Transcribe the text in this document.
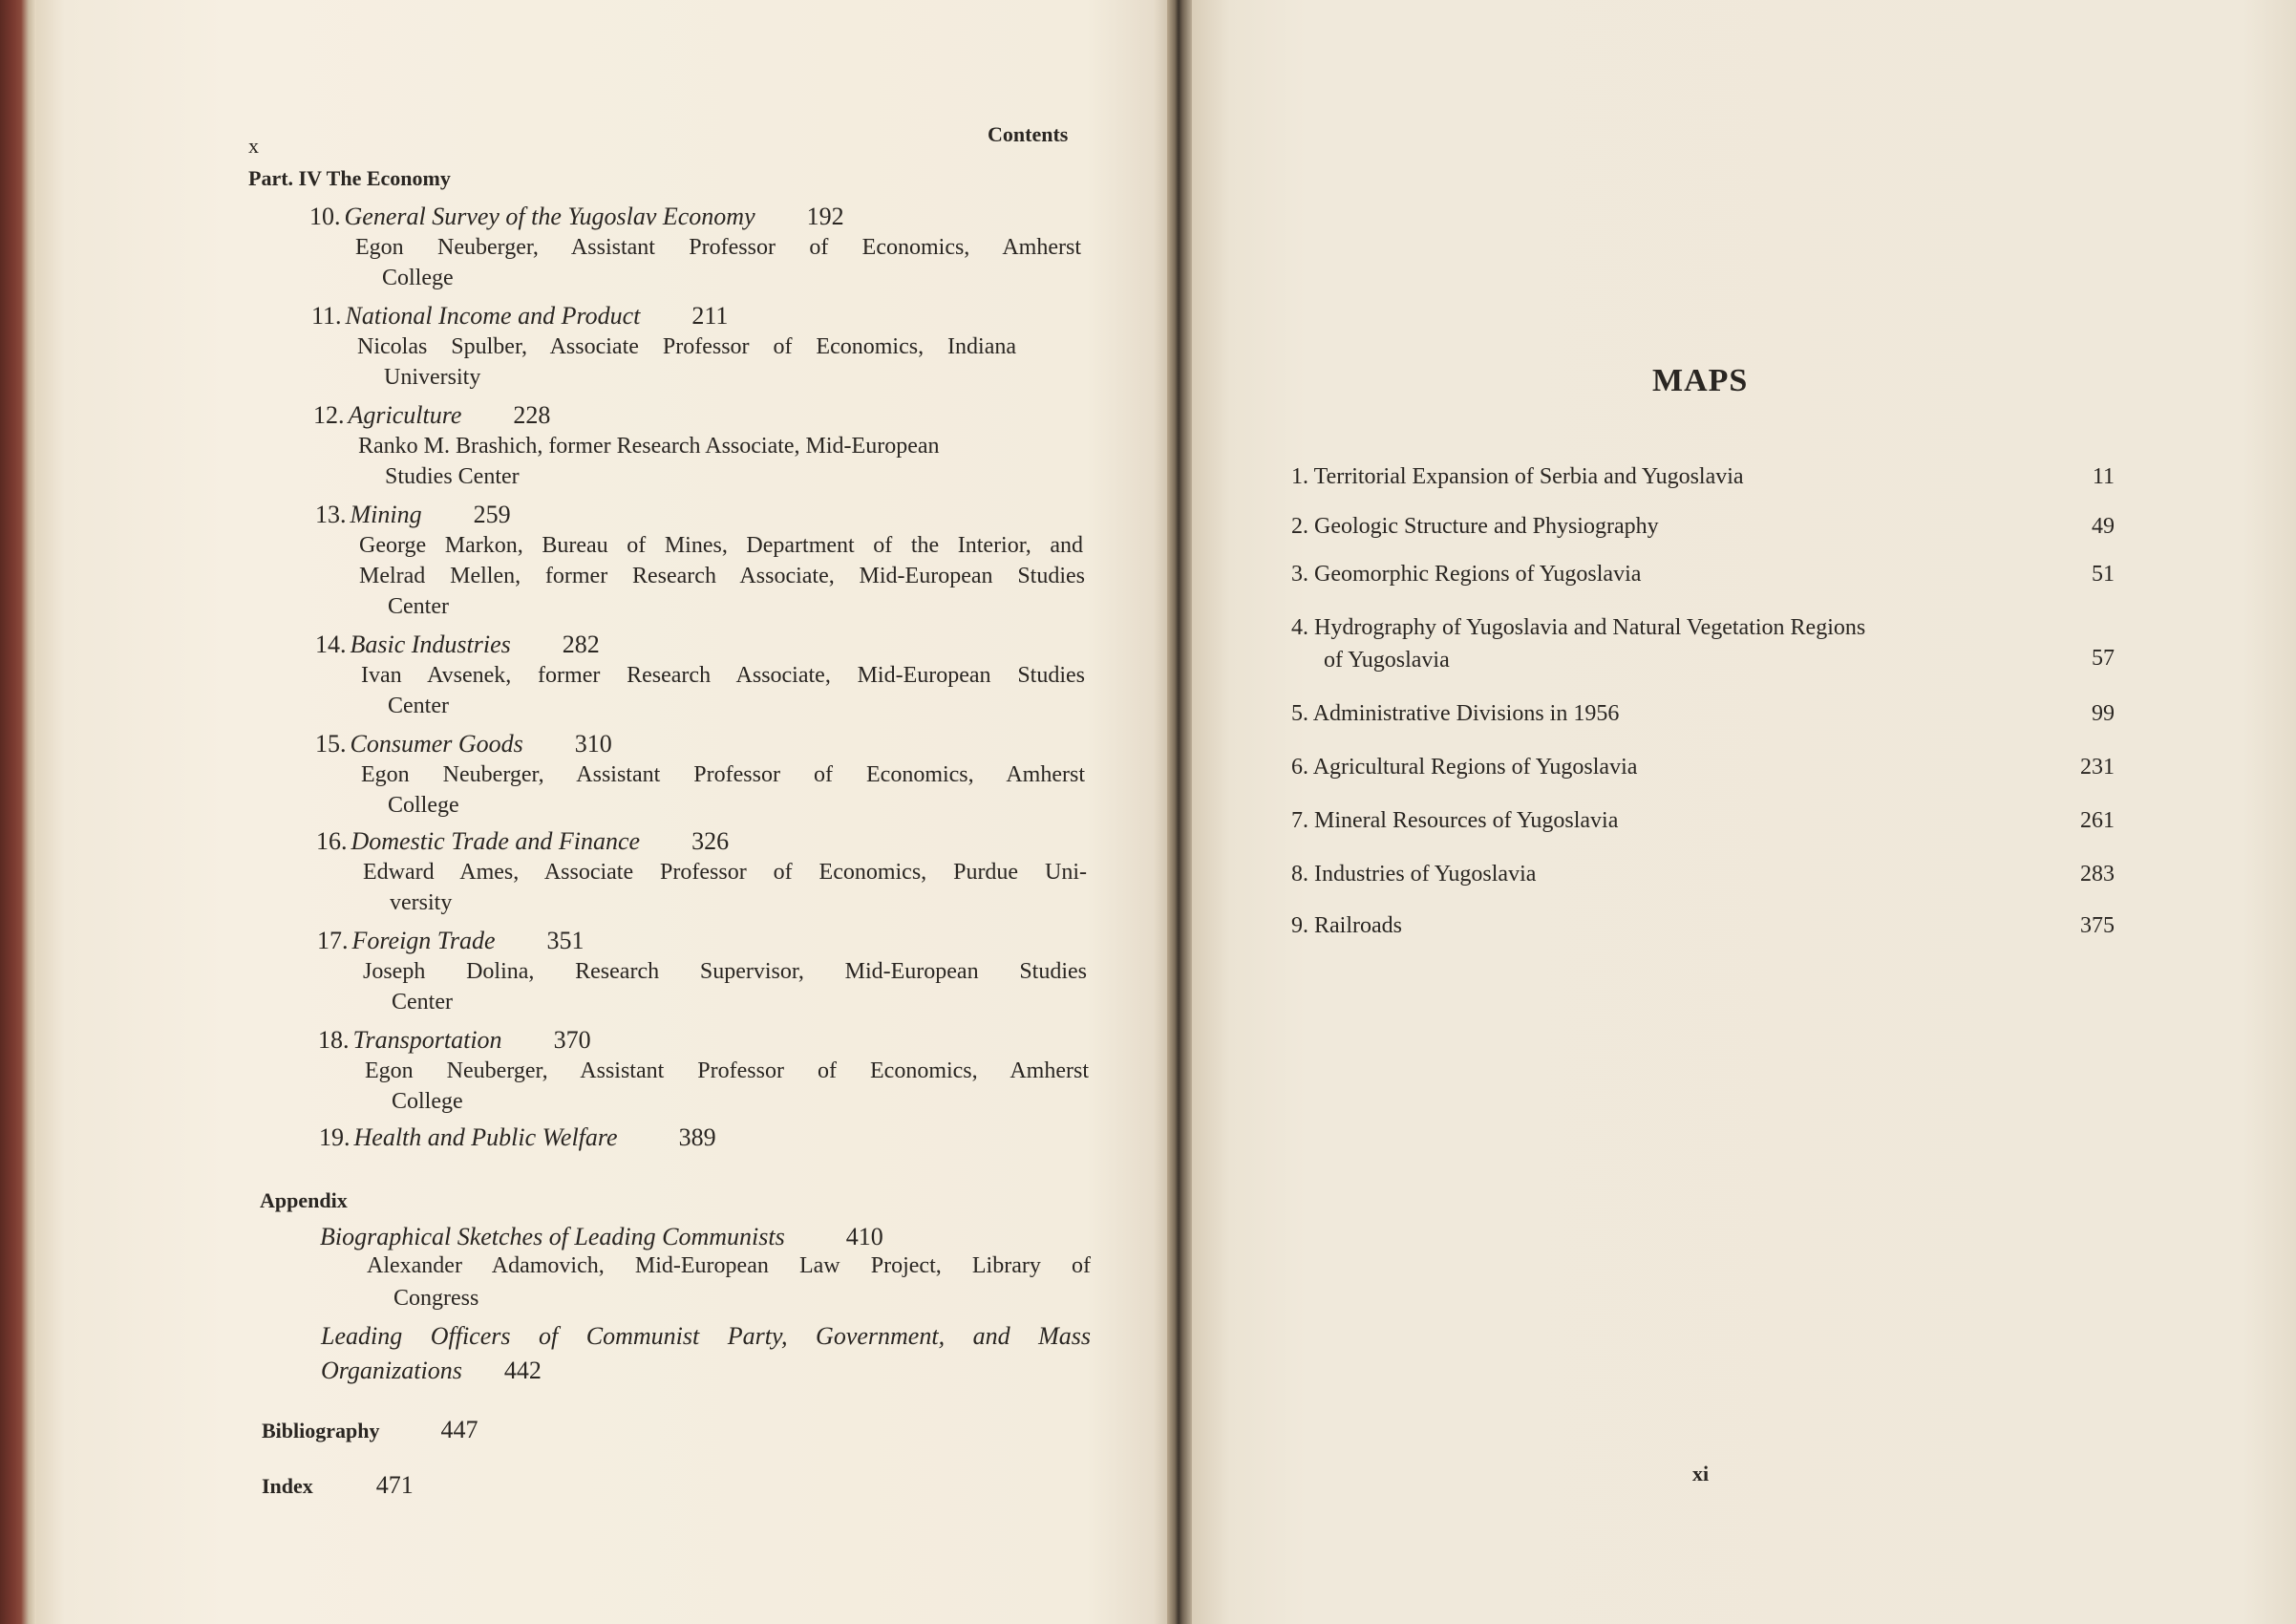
x	Contents
Part. IV The Economy
10. General Survey of the Yugoslav Economy 192
Egon Neuberger, Assistant Professor of Economics, Amherst
College
11. National Income and Product 211
Nicolas Spulber, Associate Professor of Economics, Indiana
University
12. Agriculture 228
Ranko M. Brashich, former Research Associate, Mid-European
Studies Center
13. Mining 259
George Markon, Bureau of Mines, Department of the Interior, and
Melrad Mellen, former Research Associate, Mid-European Studies
Center
14. Basic Industries 282
Ivan Avsenek, former Research Associate, Mid-European Studies
Center
15. Consumer Goods 310
Egon Neuberger, Assistant Professor of Economics, Amherst
College
16. Domestic Trade and Finance 326
Edward Ames, Associate Professor of Economics, Purdue Uni-
versity
17. Foreign Trade 351
Joseph Dolina, Research Supervisor, Mid-European Studies
Center
18. Transportation 370
Egon Neuberger, Assistant Professor of Economics, Amherst
College
19. Health and Public Welfare 389
Appendix
Biographical Sketches of Leading Communists 410
Alexander Adamovich, Mid-European Law Project, Library of
Congress
Leading Officers of Communist Party, Government, and Mass
Organizations 442
Bibliography 447
Index	471
MAPS
1. Territorial Expansion of Serbia and Yugoslavia	11
2. Geologic Structure and Physiography	49
3. Geomorphic Regions of Yugoslavia	51
4. Hydrography of Yugoslavia and Natural Vegetation Regions
of Yugoslavia	57
5. Administrative Divisions in 1956	99
6. Agricultural Regions of Yugoslavia	231
7. Mineral Resources of Yugoslavia	261
8. Industries of Yugoslavia	283
9. Railroads	375
xi
